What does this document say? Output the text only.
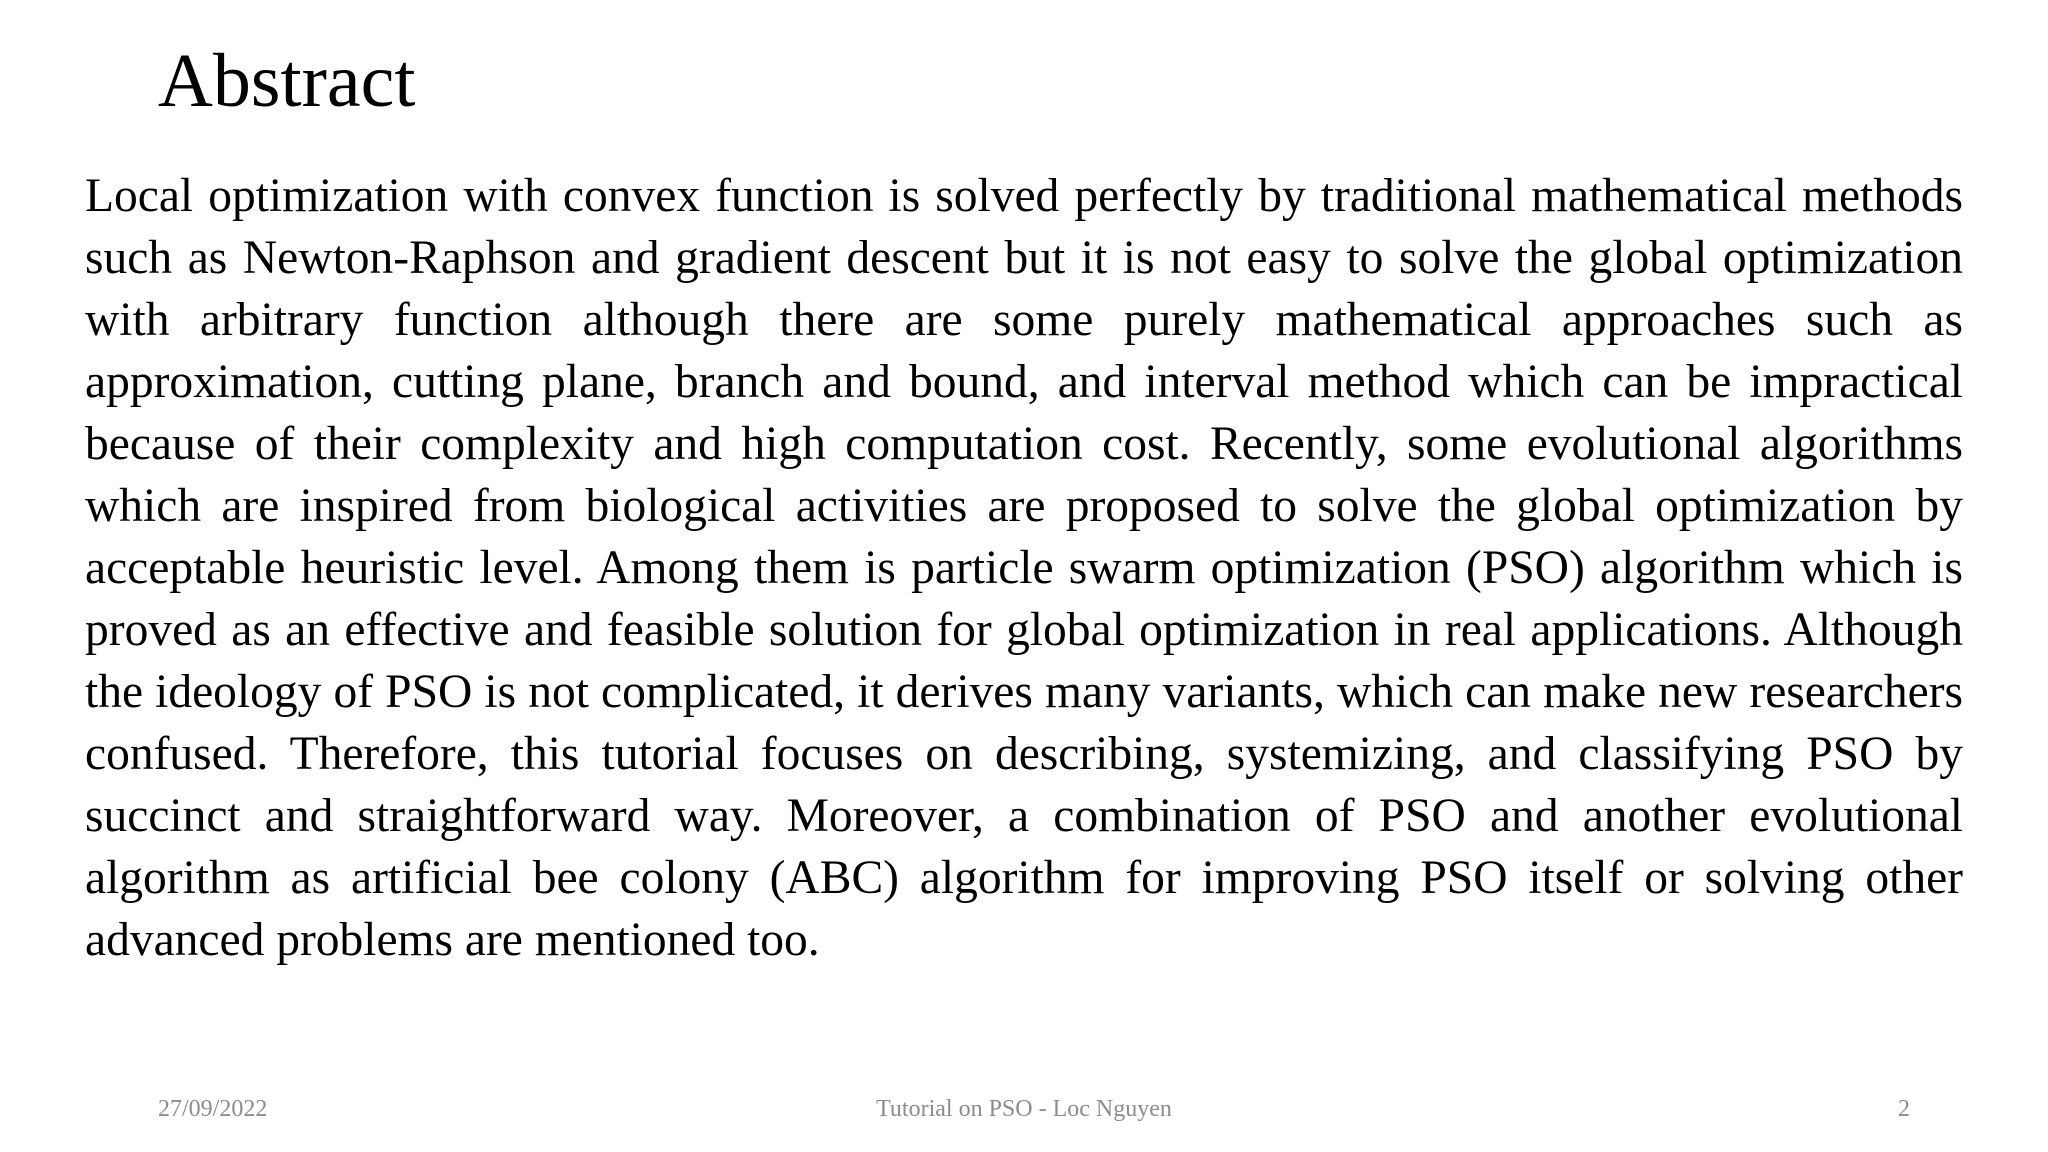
Abstract

Local optimization with convex function is solved perfectly by traditional mathematical methods such as Newton-Raphson and gradient descent but it is not easy to solve the global optimization with arbitrary function although there are some purely mathematical approaches such as approximation, cutting plane, branch and bound, and interval method which can be impractical because of their complexity and high computation cost. Recently, some evolutional algorithms which are inspired from biological activities are proposed to solve the global optimization by acceptable heuristic level. Among them is particle swarm optimization (PSO) algorithm which is proved as an effective and feasible solution for global optimization in real applications. Although the ideology of PSO is not complicated, it derives many variants, which can make new researchers confused. Therefore, this tutorial focuses on describing, systemizing, and classifying PSO by succinct and straightforward way. Moreover, a combination of PSO and another evolutional algorithm as artificial bee colony (ABC) algorithm for improving PSO itself or solving other advanced problems are mentioned too.

27/09/2022	Tutorial on PSO - Loc Nguyen	2
